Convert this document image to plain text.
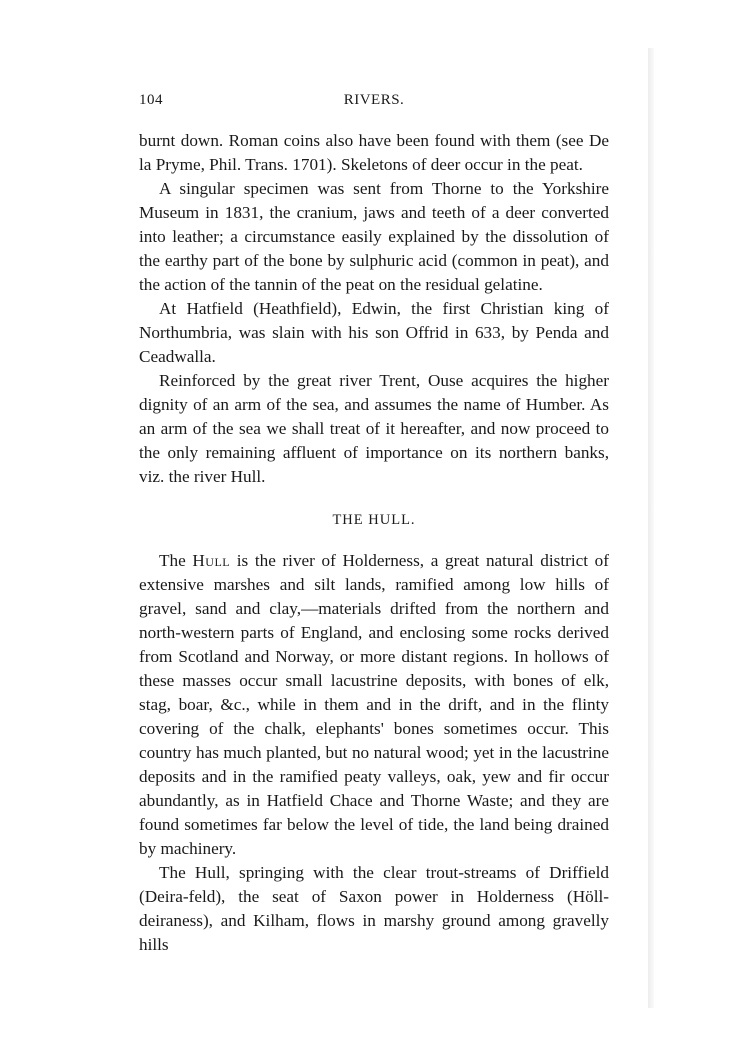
104	RIVERS.

burnt down. Roman coins also have been found with them (see De la Pryme, Phil. Trans. 1701). Skeletons of deer occur in the peat.

A singular specimen was sent from Thorne to the Yorkshire Museum in 1831, the cranium, jaws and teeth of a deer converted into leather; a circumstance easily explained by the dissolution of the earthy part of the bone by sulphuric acid (common in peat), and the action of the tannin of the peat on the residual gelatine.

At Hatfield (Heathfield), Edwin, the first Christian king of Northumbria, was slain with his son Offrid in 633, by Penda and Ceadwalla.

Reinforced by the great river Trent, Ouse acquires the higher dignity of an arm of the sea, and assumes the name of Humber. As an arm of the sea we shall treat of it hereafter, and now proceed to the only remaining affluent of importance on its northern banks, viz. the river Hull.

THE HULL.

The Hull is the river of Holderness, a great natural district of extensive marshes and silt lands, ramified among low hills of gravel, sand and clay,—materials drifted from the northern and north-western parts of England, and enclosing some rocks derived from Scotland and Norway, or more distant regions. In hollows of these masses occur small lacustrine deposits, with bones of elk, stag, boar, &c., while in them and in the drift, and in the flinty covering of the chalk, elephants' bones sometimes occur. This country has much planted, but no natural wood; yet in the lacustrine deposits and in the ramified peaty valleys, oak, yew and fir occur abundantly, as in Hatfield Chace and Thorne Waste; and they are found sometimes far below the level of tide, the land being drained by machinery.

The Hull, springing with the clear trout-streams of Driffield (Deira-feld), the seat of Saxon power in Holderness (Höll-deiraness), and Kilham, flows in marshy ground among gravelly hills
